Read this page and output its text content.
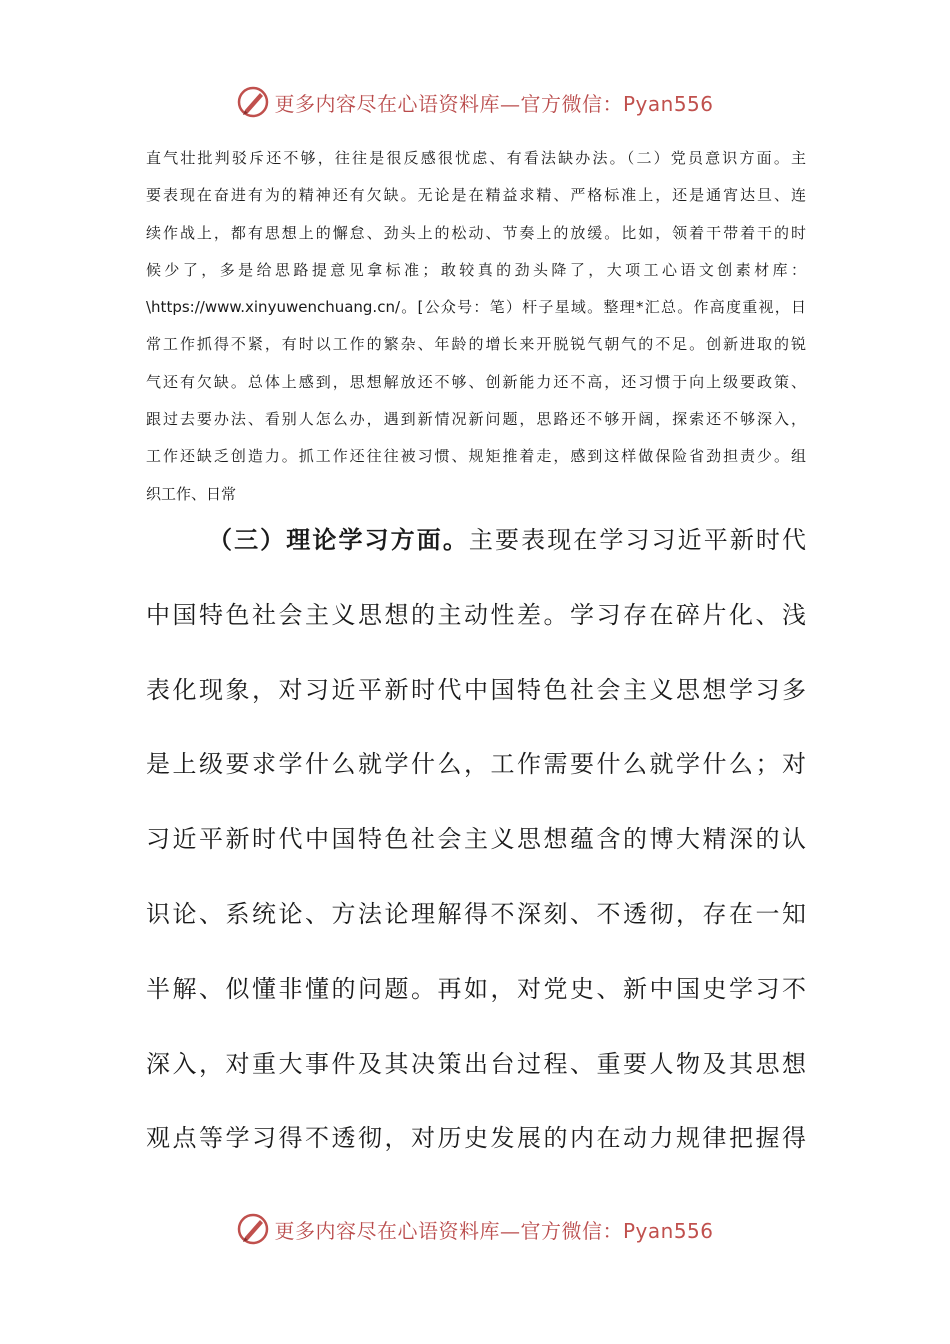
更多内容尽在心语资料库—官方微信：Pyan556
直气壮批判驳斥还不够，往往是很反感很忧虑、有看法缺办法。（二）党员意识方面。主
要表现在奋进有为的精神还有欠缺。无论是在精益求精、严格标准上，还是通宵达旦、连
续作战上，都有思想上的懈怠、劲头上的松动、节奏上的放缓。比如，领着干带着干的时
候少了，多是给思路提意见拿标准；敢较真的劲头降了，大项工心语文创素材库：
\https://www.xinyuwenchuang.cn/。[公众号：笔）杆子星域。整理*汇总。作高度重视，日
常工作抓得不紧，有时以工作的繁杂、年龄的增长来开脱锐气朝气的不足。创新进取的锐
气还有欠缺。总体上感到，思想解放还不够、创新能力还不高，还习惯于向上级要政策、
跟过去要办法、看别人怎么办，遇到新情况新问题，思路还不够开阔，探索还不够深入，
工作还缺乏创造力。抓工作还往往被习惯、规矩推着走，感到这样做保险省劲担责少。组
织工作、日常
（三）理论学习方面。主要表现在学习习近平新时代
中国特色社会主义思想的主动性差。学习存在碎片化、浅
表化现象，对习近平新时代中国特色社会主义思想学习多
是上级要求学什么就学什么，工作需要什么就学什么；对
习近平新时代中国特色社会主义思想蕴含的博大精深的认
识论、系统论、方法论理解得不深刻、不透彻，存在一知
半解、似懂非懂的问题。再如，对党史、新中国史学习不
深入，对重大事件及其决策出台过程、重要人物及其思想
观点等学习得不透彻，对历史发展的内在动力规律把握得
更多内容尽在心语资料库—官方微信：Pyan556
